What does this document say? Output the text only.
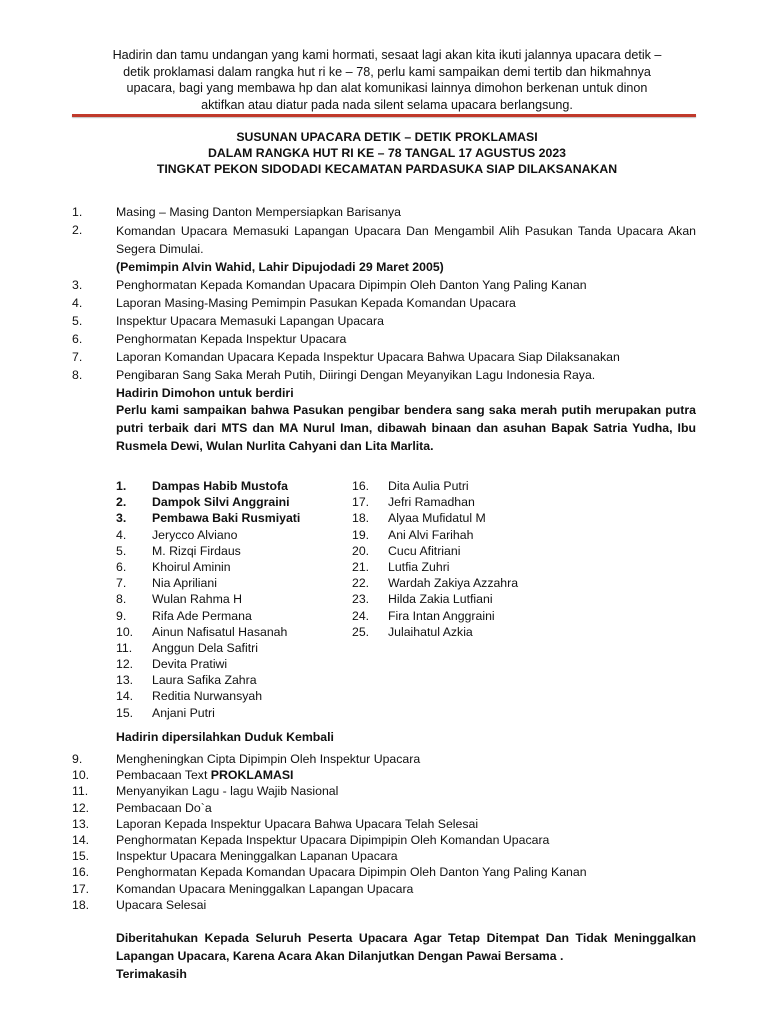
Hadirin dan tamu undangan yang kami hormati, sesaat lagi akan kita ikuti jalannya upacara detik –
detik proklamasi dalam rangka hut ri ke – 78, perlu kami sampaikan demi tertib dan hikmahnya
upacara, bagi yang membawa hp dan alat komunikasi lainnya dimohon berkenan untuk dinon
aktifkan atau diatur pada nada silent selama upacara berlangsung.
SUSUNAN UPACARA DETIK – DETIK PROKLAMASI
DALAM RANGKA HUT RI KE – 78 TANGAL 17 AGUSTUS 2023
TINGKAT PEKON SIDODADI KECAMATAN PARDASUKA SIAP DILAKSANAKAN
1.	Masing – Masing Danton Mempersiapkan Barisanya
2.	Komandan Upacara Memasuki Lapangan Upacara Dan Mengambil Alih Pasukan Tanda Upacara Akan Segera Dimulai.
(Pemimpin Alvin Wahid, Lahir Dipujodadi 29 Maret 2005)
3.	Penghormatan Kepada Komandan Upacara Dipimpin Oleh Danton Yang Paling Kanan
4.	Laporan Masing-Masing Pemimpin Pasukan Kepada Komandan Upacara
5.	Inspektur Upacara Memasuki Lapangan Upacara
6.	Penghormatan Kepada Inspektur Upacara
7.	Laporan Komandan Upacara Kepada Inspektur Upacara Bahwa Upacara Siap Dilaksanakan
8.	Pengibaran Sang Saka Merah Putih, Diiringi Dengan Meyanyikan Lagu Indonesia Raya.
Hadirin Dimohon untuk berdiri
Perlu kami sampaikan bahwa Pasukan pengibar bendera sang saka merah putih merupakan putra putri terbaik dari MTS dan MA Nurul Iman, dibawah binaan dan asuhan Bapak Satria Yudha, Ibu Rusmela Dewi, Wulan Nurlita Cahyani dan Lita Marlita.
1.	Dampas Habib Mustofa
2.	Dampok Silvi Anggraini
3.	Pembawa Baki Rusmiyati
4.	Jerycco Alviano
5.	M. Rizqi Firdaus
6.	Khoirul Aminin
7.	Nia Apriliani
8.	Wulan Rahma H
9.	Rifa Ade Permana
10.	Ainun Nafisatul Hasanah
11.	Anggun Dela Safitri
12.	Devita Pratiwi
13.	Laura Safika Zahra
14.	Reditia Nurwansyah
15.	Anjani Putri
16.	Dita Aulia Putri
17.	Jefri Ramadhan
18.	Alyaa Mufidatul M
19.	Ani Alvi Farihah
20.	Cucu Afitriani
21.	Lutfia Zuhri
22.	Wardah Zakiya Azzahra
23.	Hilda Zakia Lutfiani
24.	Fira Intan Anggraini
25.	Julaihatul Azkia
Hadirin dipersilahkan Duduk Kembali
9.	Mengheningkan Cipta Dipimpin Oleh Inspektur Upacara
10.	Pembacaan Text PROKLAMASI
11.	Menyanyikan Lagu - lagu Wajib Nasional
12.	Pembacaan Do`a
13.	Laporan Kepada Inspektur Upacara Bahwa Upacara Telah Selesai
14.	Penghormatan Kepada Inspektur Upacara Dipimpipin Oleh Komandan Upacara
15.	Inspektur Upacara Meninggalkan Lapanan Upacara
16.	Penghormatan Kepada Komandan Upacara Dipimpin Oleh Danton Yang Paling Kanan
17.	Komandan Upacara Meninggalkan Lapangan Upacara
18.	Upacara Selesai
Diberitahukan Kepada Seluruh Peserta Upacara Agar Tetap Ditempat Dan Tidak Meninggalkan Lapangan Upacara, Karena Acara Akan Dilanjutkan Dengan Pawai Bersama .
Terimakasih
